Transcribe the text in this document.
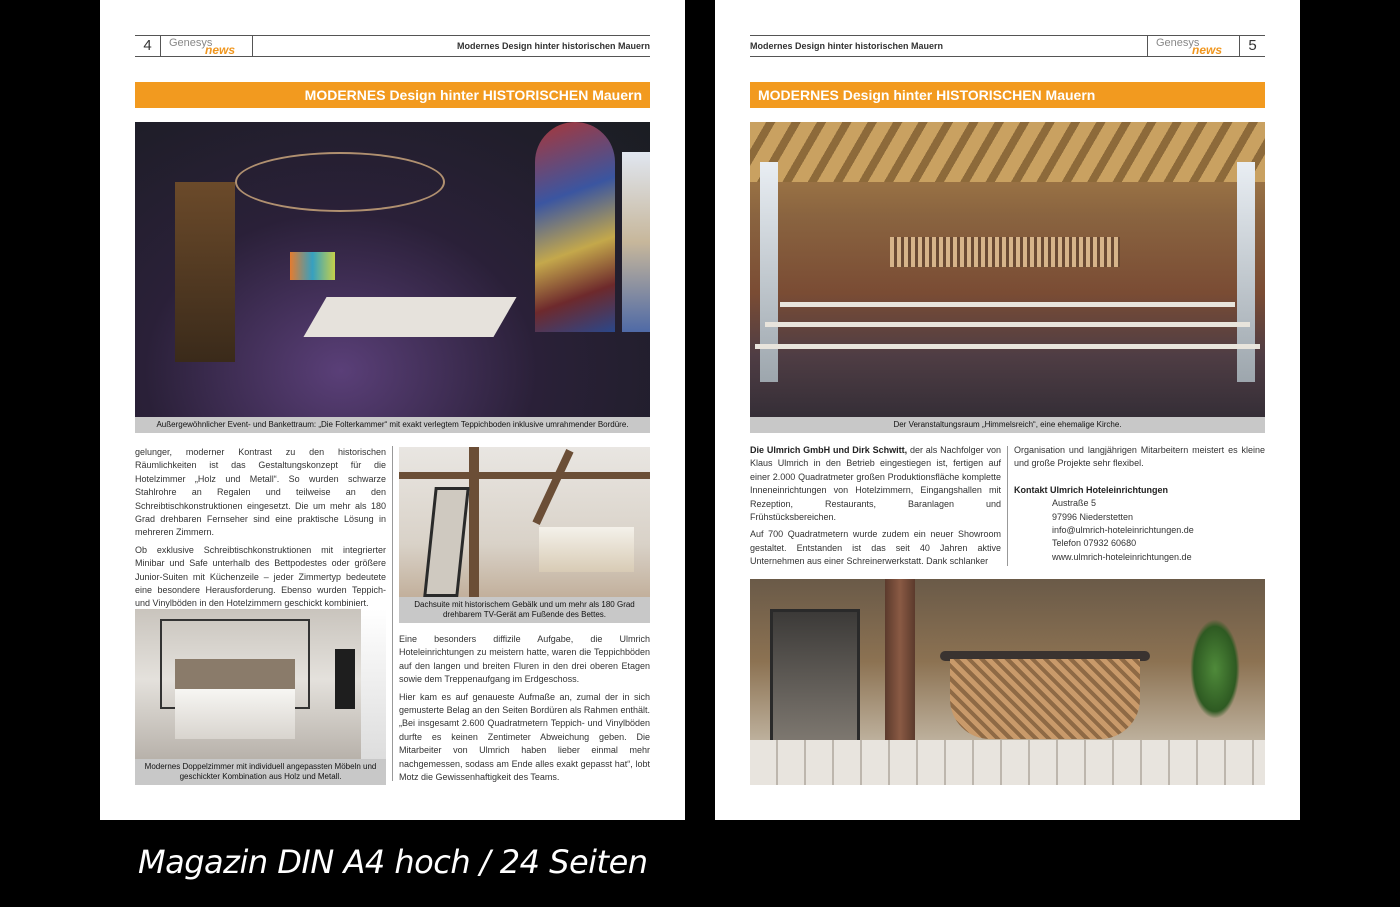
4	Genesys
news	Modernes Design hinter historischen Mauern
MODERNES Design hinter HISTORISCHEN Mauern
Außergewöhnlicher Event- und Bankettraum: „Die Folterkammer“ mit exakt verlegtem Teppichboden inklusive umrahmender Bordüre.

gelunger, moderner Kontrast zu den historischen Räumlichkeiten ist das Gestaltungskonzept für die Hotelzimmer „Holz und Metall“. So wurden schwarze Stahlrohre an Regalen und teilweise an den Schreibtischkonstruktionen eingesetzt. Die um mehr als 180 Grad drehbaren Fernseher sind eine praktische Lösung in mehreren Zimmern.

Ob exklusive Schreibtischkonstruktionen mit integrierter Minibar und Safe unterhalb des Bettpodestes oder größere Junior-Suiten mit Küchenzeile – jeder Zimmertyp bedeutete eine besondere Herausforderung. Ebenso wurden Teppich- und Vinylböden in den Hotelzimmern geschickt kombiniert.	Dachsuite mit historischem Gebälk und um mehr als 180 Grad drehbarem TV-Gerät am Fußende des Bettes.

Eine besonders diffizile Aufgabe, die Ulmrich Hoteleinrichtungen zu meistern hatte, waren die Teppichböden auf den langen und breiten Fluren in den drei oberen Etagen sowie dem Treppenaufgang im Erdgeschoss.

Hier kam es auf genaueste Aufmaße an, zumal der in sich gemusterte Belag an den Seiten Bordüren als Rahmen enthält. „Bei insgesamt 2.600 Quadratmetern Teppich- und Vinylböden durfte es keinen Zentimeter Abweichung geben. Die Mitarbeiter von Ulmrich haben lieber einmal mehr nachgemessen, sodass am Ende alles exakt gepasst hat“, lobt Motz die Gewissenhaftigkeit des Teams.

Modernes Doppelzimmer mit individuell angepassten Möbeln und geschickter Kombination aus Holz und Metall.
Modernes Design hinter historischen Mauern	Genesys
news	5
MODERNES Design hinter HISTORISCHEN Mauern
Der Veranstaltungsraum „Himmelsreich“, eine ehemalige Kirche.

Die Ulmrich GmbH und Dirk Schwitt, der als Nachfolger von Klaus Ulmrich in den Betrieb eingestiegen ist, fertigen auf einer 2.000 Quadratmeter großen Produktionsfläche komplette Inneneinrichtungen von Hotelzimmern, Eingangshallen mit Rezeption, Restaurants, Baranlagen und Frühstücksbereichen.

Auf 700 Quadratmetern wurde zudem ein neuer Showroom gestaltet. Entstanden ist das seit 40 Jahren aktive Unternehmen aus einer Schreinerwerkstatt. Dank schlanker

Organisation und langjährigen Mitarbeitern meistert es kleine und große Projekte sehr flexibel.

Kontakt Ulmrich Hoteleinrichtungen
Austraße 5
97996 Niederstetten
info@ulmrich-hoteleinrichtungen.de
Telefon 07932 60680
www.ulmrich-hoteleinrichtungen.de
Magazin DIN A4 hoch / 24 Seiten
